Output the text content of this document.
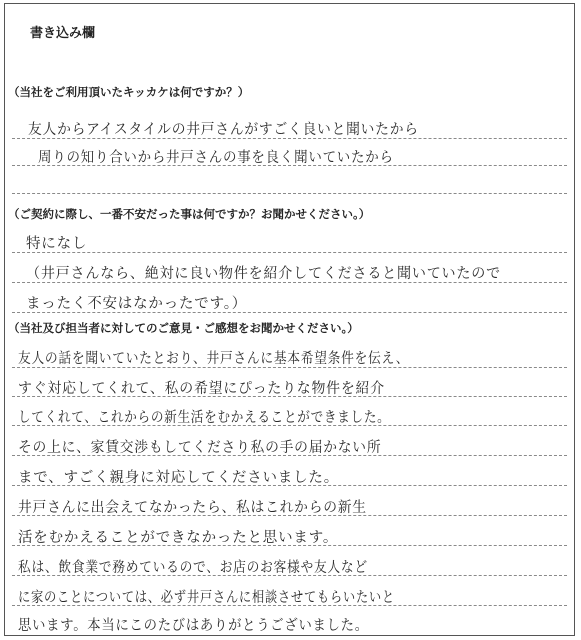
書き込み欄
（当社をご利用頂いたキッカケは何ですか？）
友人からアイスタイルの井戸さんがすごく良いと聞いたから
周りの知り合いから井戸さんの事を良く聞いていたから
（ご契約に際し、一番不安だった事は何ですか？お聞かせください。）
特になし
（井戸さんなら、絶対に良い物件を紹介してくださると聞いていたので
まったく不安はなかったです。）
（当社及び担当者に対してのご意見・ご感想をお聞かせください。）
友人の話を聞いていたとおり、井戸さんに基本希望条件を伝え、
すぐ対応してくれて、私の希望にぴったりな物件を紹介
してくれて、これからの新生活をむかえることができました。
その上に、家賃交渉もしてくださり私の手の届かない所
まで、すごく親身に対応してくださいました。
井戸さんに出会えてなかったら、私はこれからの新生
活をむかえることができなかったと思います。
私は、飲食業で務めているので、お店のお客様や友人など
に家のことについては、必ず井戸さんに相談させてもらいたいと
思います。本当にこのたびはありがとうございました。
